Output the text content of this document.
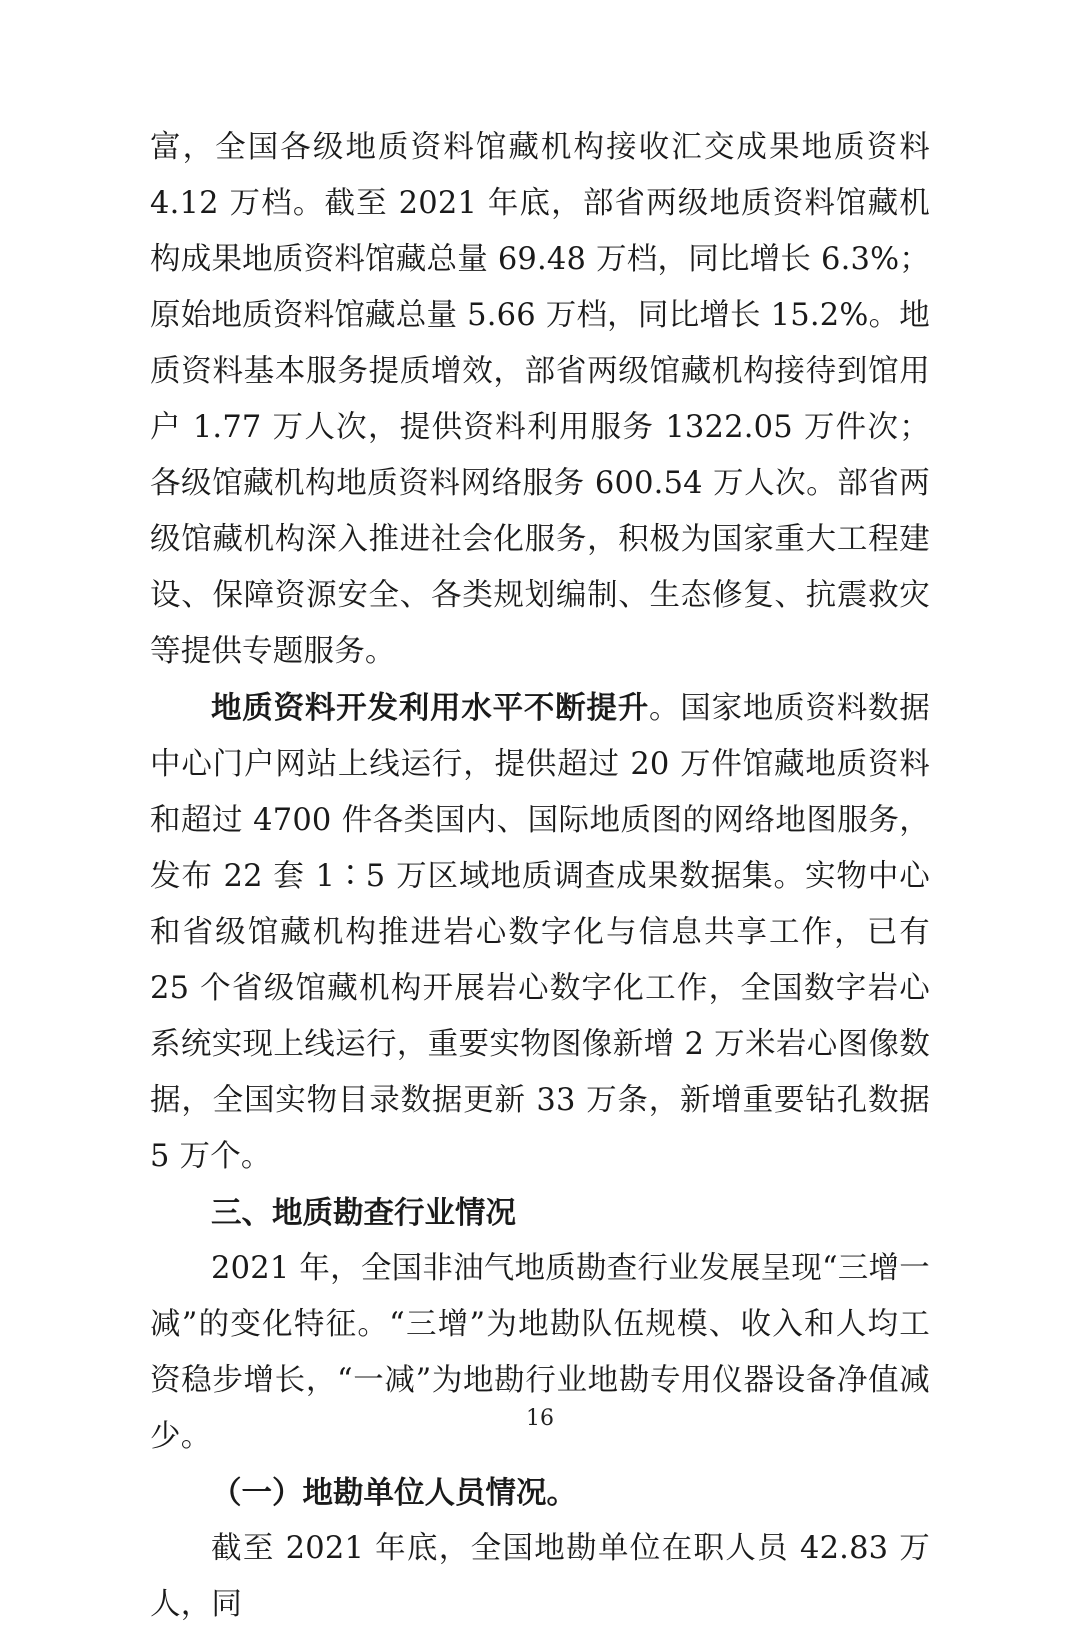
富，全国各级地质资料馆藏机构接收汇交成果地质资料 4.12 万档。截至 2021 年底，部省两级地质资料馆藏机构成果地质资料馆藏总量 69.48 万档，同比增长 6.3%；原始地质资料馆藏总量 5.66 万档，同比增长 15.2%。地质资料基本服务提质增效，部省两级馆藏机构接待到馆用户 1.77 万人次，提供资料利用服务 1322.05 万件次；各级馆藏机构地质资料网络服务 600.54 万人次。部省两级馆藏机构深入推进社会化服务，积极为国家重大工程建设、保障资源安全、各类规划编制、生态修复、抗震救灾等提供专题服务。

地质资料开发利用水平不断提升。国家地质资料数据中心门户网站上线运行，提供超过 20 万件馆藏地质资料和超过 4700 件各类国内、国际地质图的网络地图服务，发布 22 套 1∶5 万区域地质调查成果数据集。实物中心和省级馆藏机构推进岩心数字化与信息共享工作，已有 25 个省级馆藏机构开展岩心数字化工作，全国数字岩心系统实现上线运行，重要实物图像新增 2 万米岩心图像数据，全国实物目录数据更新 33 万条，新增重要钻孔数据 5 万个。

三、地质勘查行业情况

2021 年，全国非油气地质勘查行业发展呈现“三增一减”的变化特征。“三增”为地勘队伍规模、收入和人均工资稳步增长，“一减”为地勘行业地勘专用仪器设备净值减少。

（一）地勘单位人员情况。

截至 2021 年底，全国地勘单位在职人员 42.83 万人，同

16
